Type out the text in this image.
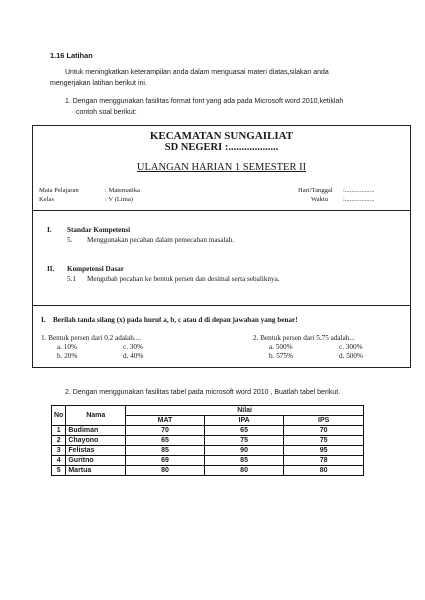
1.16 Latihan
Untuk meningkatkan keterampilan anda dalam menguasai materi diatas,silakan anda
mengerjakan latihan berikut ini.
1. Dengan menggunakan fasilitas format font yang ada pada Microsoft word 2010,ketiklah
contoh soal berikut:
KECAMATAN SUNGAILIAT
SD NEGERI :...................
ULANGAN HARIAN 1 SEMESTER II
Mata Pelajaran	: Matematika
Kelas	: V (Lima)
Hari/Tanggal :..................
Waktu :..................
I. Standar Kompetensi
5. Menggunakan pecahan dalam pemecahan masalah.
II. Kompetensi Dasar
5.1 Mengubah pecahan ke bentuk persen dan desimal serta sebaliknya.
I. Berilah tanda silang (x) pada huruf a, b, c atau d di depan jawaban yang benar!
1. Bentuk persen dari 0.2 adalah....
a. 10%	c. 30%
b. 20%	d. 40%
2. Bentuk persen dari 5.75 adalah...
a. 500%	c. 300%
b. 575%	d. 500%
2. Dengan menggunakan fasilitas tabel pada microsoft word 2010 , Buatlah tabel berikut.
No	Nama	Nilai		
		MAT	IPA	IPS
1	Budiman	70	65	70
2	Chayono	65	75	75
3	Felistas	85	90	95
4	Guritno	69	85	78
5	Martua	80	80	80
